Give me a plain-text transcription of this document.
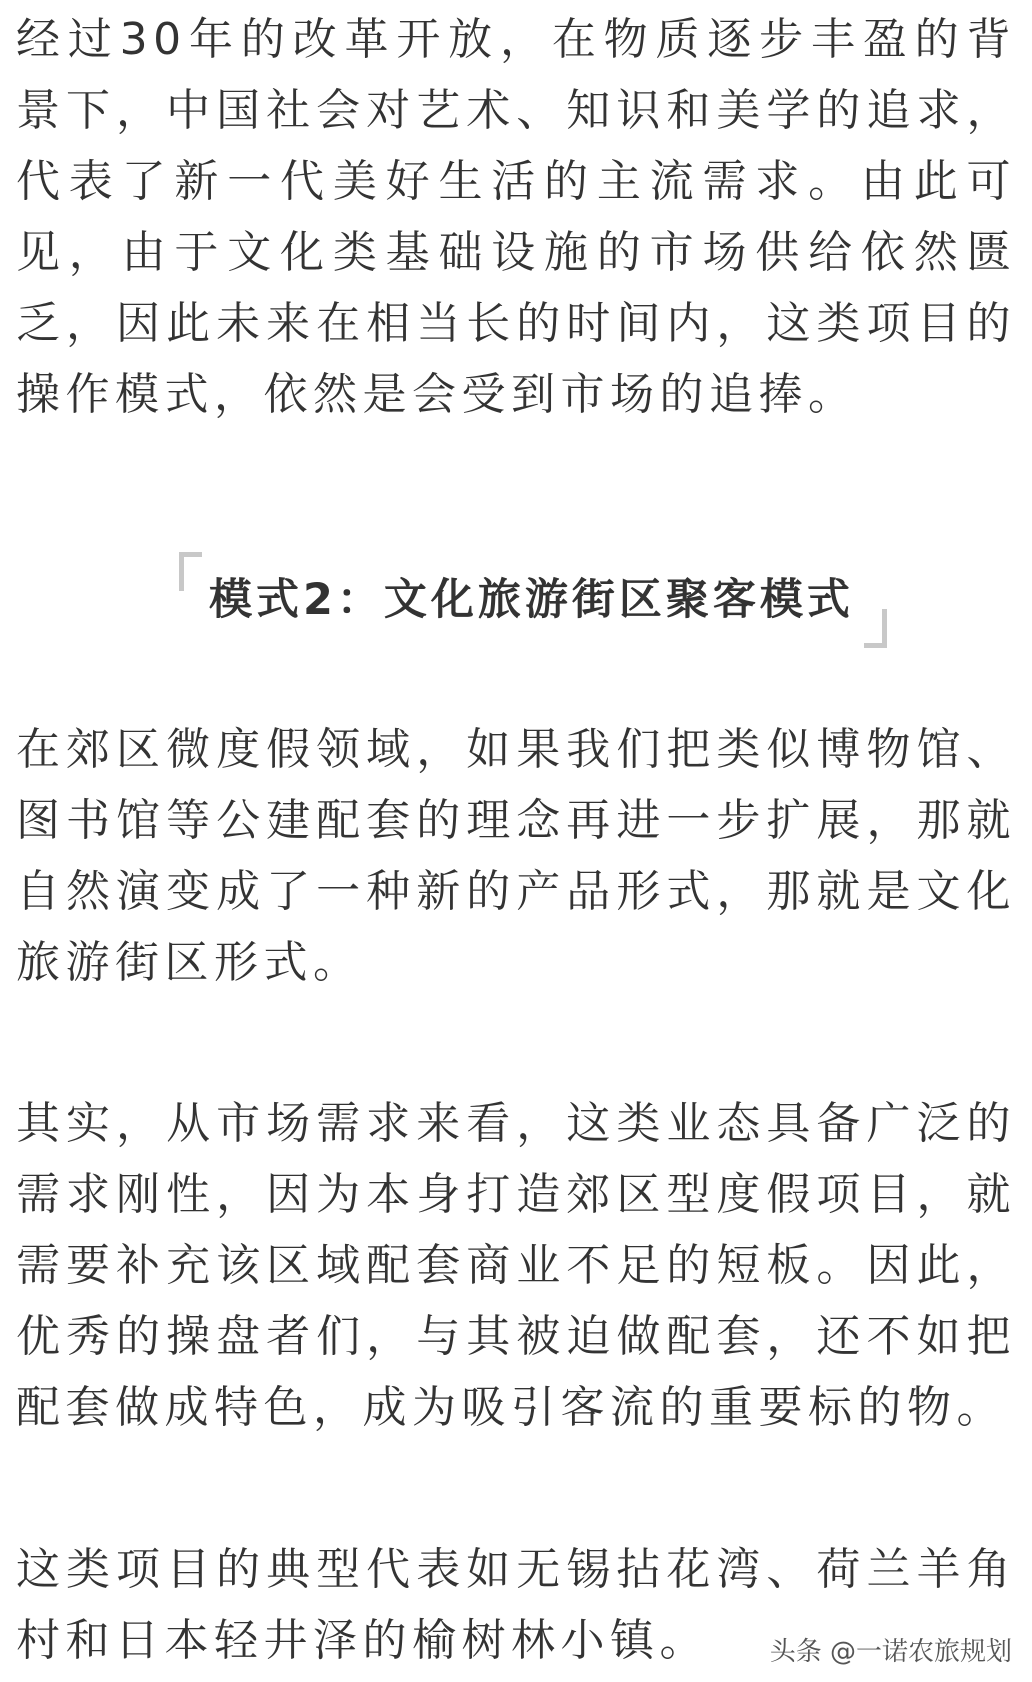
经过30年的改革开放，在物质逐步丰盈的背景下，中国社会对艺术、知识和美学的追求，代表了新一代美好生活的主流需求。由此可见，由于文化类基础设施的市场供给依然匮乏，因此未来在相当长的时间内，这类项目的操作模式，依然是会受到市场的追捧。

模式2：文化旅游街区聚客模式

在郊区微度假领域，如果我们把类似博物馆、图书馆等公建配套的理念再进一步扩展，那就自然演变成了一种新的产品形式，那就是文化旅游街区形式。

其实，从市场需求来看，这类业态具备广泛的需求刚性，因为本身打造郊区型度假项目，就需要补充该区域配套商业不足的短板。因此，优秀的操盘者们，与其被迫做配套，还不如把配套做成特色，成为吸引客流的重要标的物。

这类项目的典型代表如无锡拈花湾、荷兰羊角村和日本轻井泽的榆树林小镇。	头条 @一诺农旅规划
